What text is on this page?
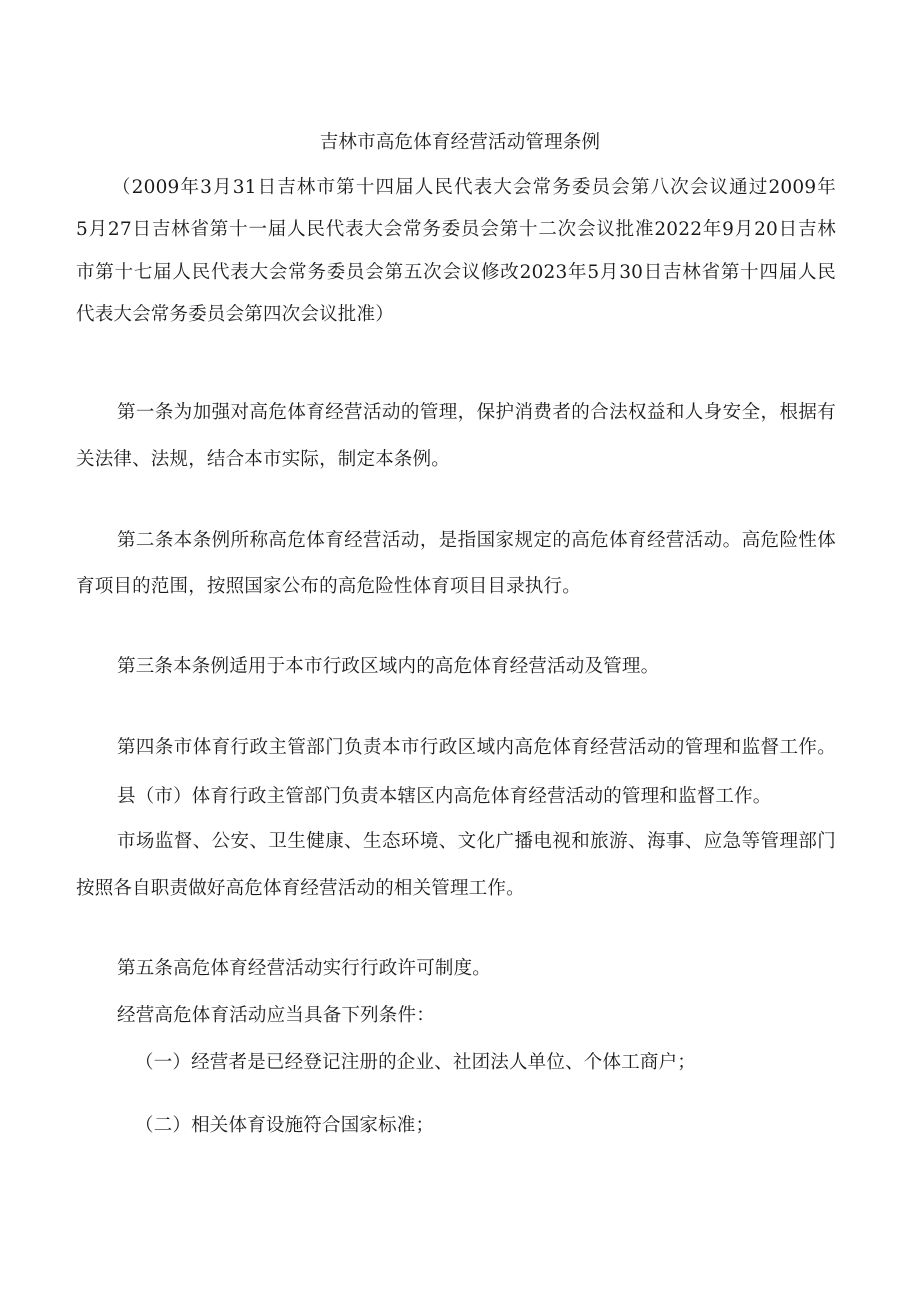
吉林市高危体育经营活动管理条例
（2009年3月31日吉林市第十四届人民代表大会常务委员会第八次会议通过2009年
5月27日吉林省第十一届人民代表大会常务委员会第十二次会议批准2022年9月20日吉林
市第十七届人民代表大会常务委员会第五次会议修改2023年5月30日吉林省第十四届人民
代表大会常务委员会第四次会议批准）
第一条为加强对高危体育经营活动的管理，保护消费者的合法权益和人身安全，根据有
关法律、法规，结合本市实际，制定本条例。
第二条本条例所称高危体育经营活动，是指国家规定的高危体育经营活动。高危险性体
育项目的范围，按照国家公布的高危险性体育项目目录执行。
第三条本条例适用于本市行政区域内的高危体育经营活动及管理。
第四条市体育行政主管部门负责本市行政区域内高危体育经营活动的管理和监督工作。
县（市）体育行政主管部门负责本辖区内高危体育经营活动的管理和监督工作。
市场监督、公安、卫生健康、生态环境、文化广播电视和旅游、海事、应急等管理部门
按照各自职责做好高危体育经营活动的相关管理工作。
第五条高危体育经营活动实行行政许可制度。
经营高危体育活动应当具备下列条件：
（一）经营者是已经登记注册的企业、社团法人单位、个体工商户；
（二）相关体育设施符合国家标准；
